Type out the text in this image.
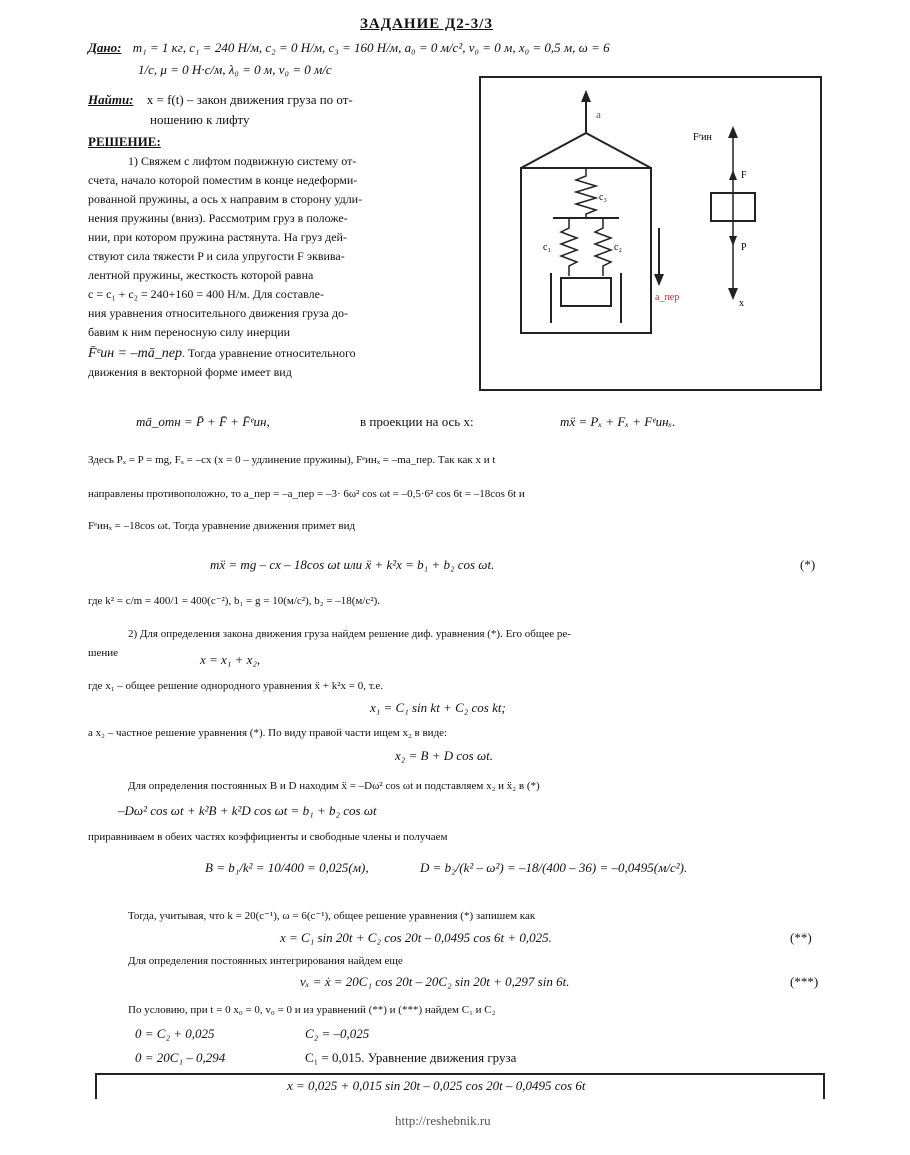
ЗАДАНИЕ Д2-3/3
Дано: m₁ = 1 кг, c₁ = 240 Н/м, c₂ = 0 Н/м, c₃ = 160 Н/м, a₀ = 0 м/с², v₀ = 0 м, x₀ = 0,5 м, ω = 6
1/с, μ = 0 Н·с/м, λ₀ = 0 м, v₀ = 0 м/с
Найти: x = f(t) – закон движения груза по от-
ношению к лифту
РЕШЕНИЕ:
1) Свяжем с лифтом подвижную систему от-
счета, начало которой поместим в конце недеформи-
рованной пружины, а ось x направим в сторону удли-
нения пружины (вниз). Рассмотрим груз в положе-
нии, при котором пружина растянута. На груз дей-
ствуют сила тяжести P и сила упругости F эквива-
лентной пружины, жесткость которой равна
c = c₁ + c₂ = 240+160 = 400 Н/м. Для составле-
ния уравнения относительного движения груза до-
бавим к ним переносную силу инерции
F̄ᵉин = –mā_пер. Тогда уравнение относительного
движения в векторной форме имеет вид
a
c₃
c₁	c₂
a_пер
Fᵉин
F
P
x
mā_отн = P̄ + F̄ + F̄ᵉин,	в проекции на ось x:	mẍ = Pₓ + Fₓ + Fᵉинₓ.
Здесь Pₓ = P = mg, Fₓ = –cx (x = 0 – удлинение пружины), Fᵉинₓ = –ma_пер. Так как x и t
направлены противоположно, то a_пер = –a_пер = –3· 6ω² cos ωt = –0,5·6² cos 6t = –18cos 6t и
Fᵉинₓ = –18cos ωt. Тогда уравнение движения примет вид
mẍ = mg – cx – 18cos ωt или ẍ + k²x = b₁ + b₂ cos ωt.	(*)
где k² = c/m = 400/1 = 400(с⁻²), b₁ = g = 10(м/с²), b₂ = –18(м/с²).
2) Для определения закона движения груза найдем решение диф. уравнения (*). Его общее ре-
шение	x = x₁ + x₂,
где x₁ – общее решение однородного уравнения ẍ + k²x = 0, т.е.
x₁ = C₁ sin kt + C₂ cos kt;
а x₂ – частное решение уравнения (*). По виду правой части ищем x₂ в виде:
x₂ = B + D cos ωt.
Для определения постоянных B и D находим ẍ = –Dω² cos ωt и подставляем x₂ и ẍ₂ в (*)
–Dω² cos ωt + k²B + k²D cos ωt = b₁ + b₂ cos ωt
приравниваем в обеих частях коэффициенты и свободные члены и получаем
B = b₁/k² = 10/400 = 0,025(м),	D = b₂/(k² – ω²) = –18/(400 – 36) = –0,0495(м/с²).
Тогда, учитывая, что k = 20(с⁻¹), ω = 6(с⁻¹), общее решение уравнения (*) запишем как
x = C₁ sin 20t + C₂ cos 20t – 0,0495 cos 6t + 0,025.	(**)
Для определения постоянных интегрирования найдем еще
vₓ = ẋ = 20C₁ cos 20t – 20C₂ sin 20t + 0,297 sin 6t.	(***)
По условию, при t = 0 x₀ = 0, v₀ = 0 и из уравнений (**) и (***) найдем C₁ и C₂
0 = C₂ + 0,025	C₂ = –0,025
0 = 20C₁ – 0,294	C₁ = 0,015. Уравнение движения груза
x = 0,025 + 0,015 sin 20t – 0,025 cos 20t – 0,0495 cos 6t
http://reshebnik.ru
